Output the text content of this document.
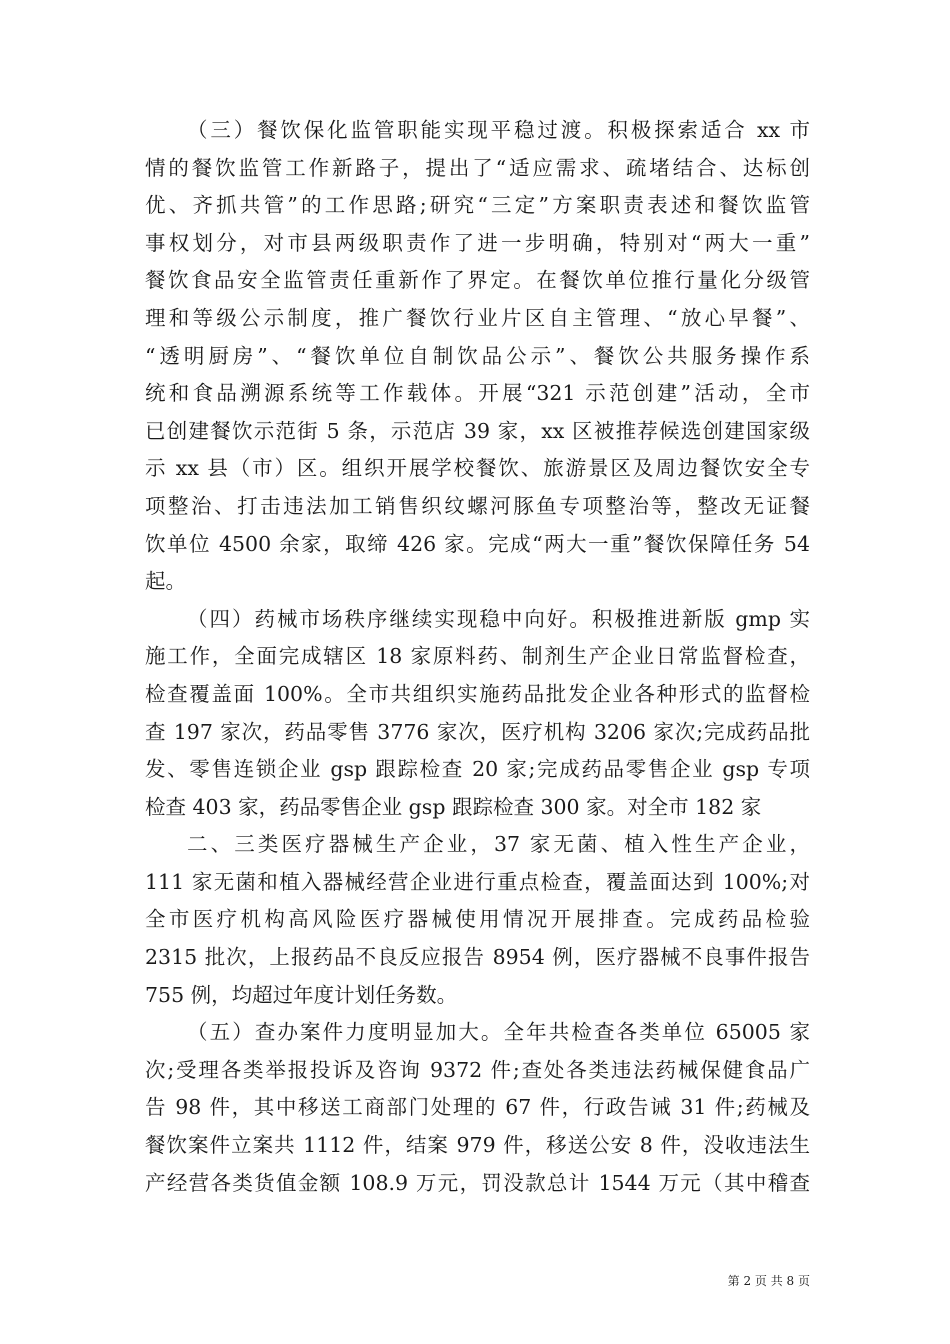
（三）餐饮保化监管职能实现平稳过渡。积极探索适合 xx 市
情的餐饮监管工作新路子，提出了“适应需求、疏堵结合、达标创
优、齐抓共管”的工作思路;研究“三定”方案职责表述和餐饮监管
事权划分，对市县两级职责作了进一步明确，特别对“两大一重”
餐饮食品安全监管责任重新作了界定。在餐饮单位推行量化分级管
理和等级公示制度，推广餐饮行业片区自主管理、“放心早餐”、
“透明厨房”、“餐饮单位自制饮品公示”、餐饮公共服务操作系
统和食品溯源系统等工作载体。开展“321 示范创建”活动，全市
已创建餐饮示范街 5 条，示范店 39 家，xx 区被推荐候选创建国家级
示 xx 县（市）区。组织开展学校餐饮、旅游景区及周边餐饮安全专
项整治、打击违法加工销售织纹螺河豚鱼专项整治等，整改无证餐
饮单位 4500 余家，取缔 426 家。完成“两大一重”餐饮保障任务 54
起。
（四）药械市场秩序继续实现稳中向好。积极推进新版 gmp 实
施工作，全面完成辖区 18 家原料药、制剂生产企业日常监督检查，
检查覆盖面 100%。全市共组织实施药品批发企业各种形式的监督检
查 197 家次，药品零售 3776 家次，医疗机构 3206 家次;完成药品批
发、零售连锁企业 gsp 跟踪检查 20 家;完成药品零售企业 gsp 专项
检查 403 家，药品零售企业 gsp 跟踪检查 300 家。对全市 182 家
二、三类医疗器械生产企业，37 家无菌、植入性生产企业，
111 家无菌和植入器械经营企业进行重点检查，覆盖面达到 100%;对
全市医疗机构高风险医疗器械使用情况开展排查。完成药品检验
2315 批次，上报药品不良反应报告 8954 例，医疗器械不良事件报告
755 例，均超过年度计划任务数。
（五）查办案件力度明显加大。全年共检查各类单位 65005 家
次;受理各类举报投诉及咨询 9372 件;查处各类违法药械保健食品广
告 98 件，其中移送工商部门处理的 67 件，行政告诫 31 件;药械及
餐饮案件立案共 1112 件，结案 979 件，移送公安 8 件，没收违法生
产经营各类货值金额 108.9 万元，罚没款总计 1544 万元（其中稽查
第 2 页 共 8 页
